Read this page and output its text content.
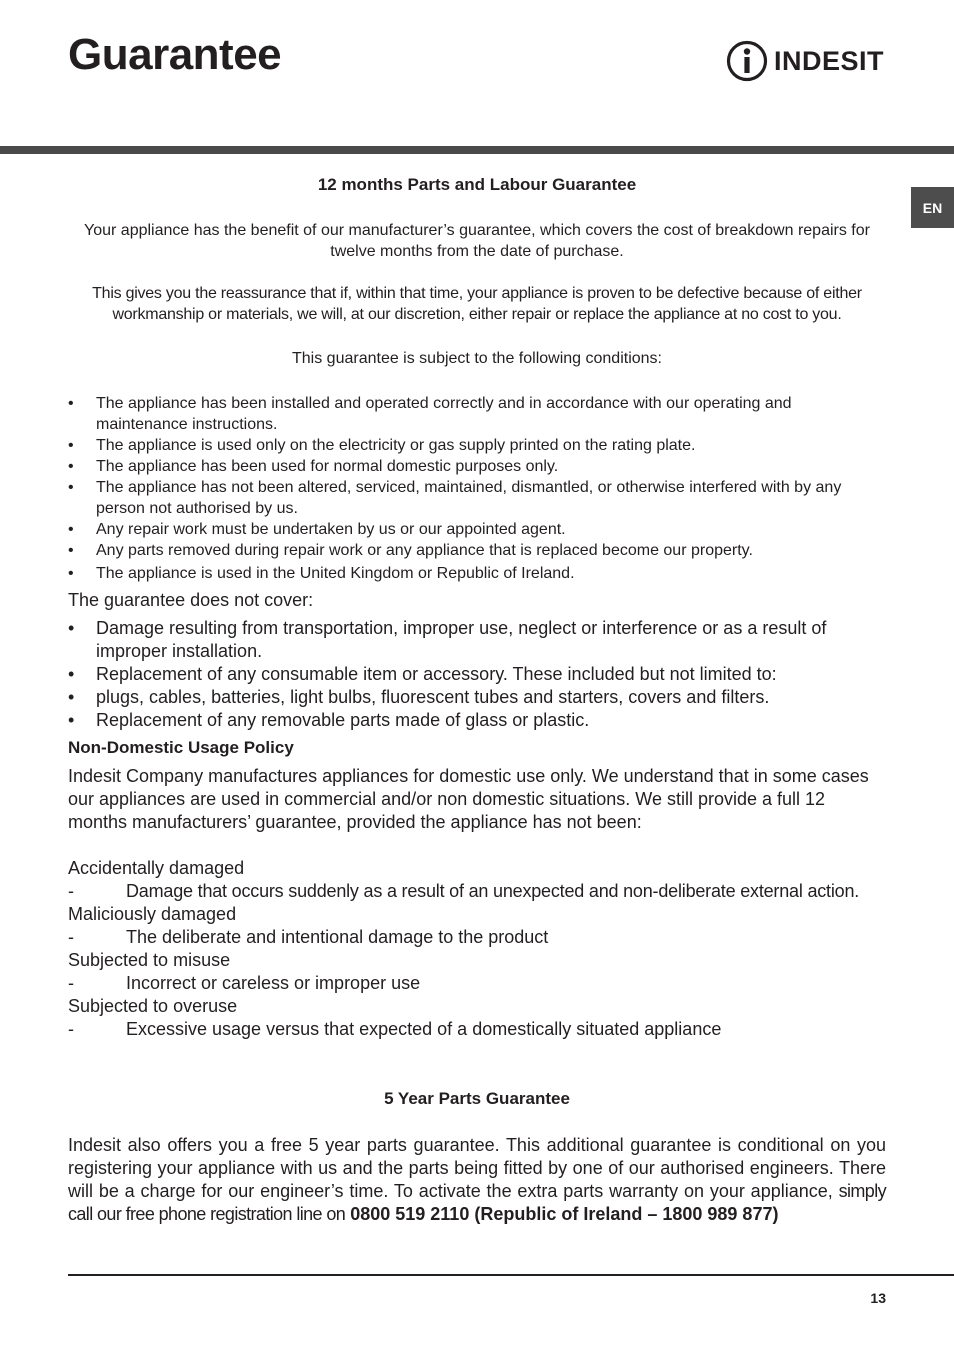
Guarantee	INDESIT
EN
12 months Parts and Labour Guarantee
Your appliance has the benefit of our manufacturer’s guarantee, which covers the cost of breakdown repairs for twelve months from the date of purchase.
This gives you the reassurance that if, within that time, your appliance is proven to be defective because of either workmanship or materials, we will, at our discretion, either repair or replace the appliance at no cost to you.
This guarantee is subject to the following conditions:
• The appliance has been installed and operated correctly and in accordance with our operating and maintenance instructions.
• The appliance is used only on the electricity or gas supply printed on the rating plate.
• The appliance has been used for normal domestic purposes only.
• The appliance has not been altered, serviced, maintained, dismantled, or otherwise interfered with by any person not authorised by us.
• Any repair work must be undertaken by us or our appointed agent.
• Any parts removed during repair work or any appliance that is replaced become our property.
• The appliance is used in the United Kingdom or Republic of Ireland.
The guarantee does not cover:
• Damage resulting from transportation, improper use, neglect or interference or as a result of improper installation.
• Replacement of any consumable item or accessory. These included but not limited to:
• plugs, cables, batteries, light bulbs, fluorescent tubes and starters, covers and filters.
• Replacement of any removable parts made of glass or plastic.
Non-Domestic Usage Policy
Indesit Company manufactures appliances for domestic use only. We understand that in some cases our appliances are used in commercial and/or non domestic situations. We still provide a full 12 months manufacturers’ guarantee, provided the appliance has not been:
Accidentally damaged
-	Damage that occurs suddenly as a result of an unexpected and non-deliberate external action.
Maliciously damaged
-	The deliberate and intentional damage to the product
Subjected to misuse
-	Incorrect or careless or improper use
Subjected to overuse
-	Excessive usage versus that expected of a domestically situated appliance
5 Year Parts Guarantee
Indesit also offers you a free 5 year parts guarantee. This additional guarantee is conditional on you registering your appliance with us and the parts being fitted by one of our authorised engineers. There will be a charge for our engineer’s time. To activate the extra parts warranty on your appliance, simply call our free phone registration line on 0800 519 2110 (Republic of Ireland – 1800 989 877)
13
